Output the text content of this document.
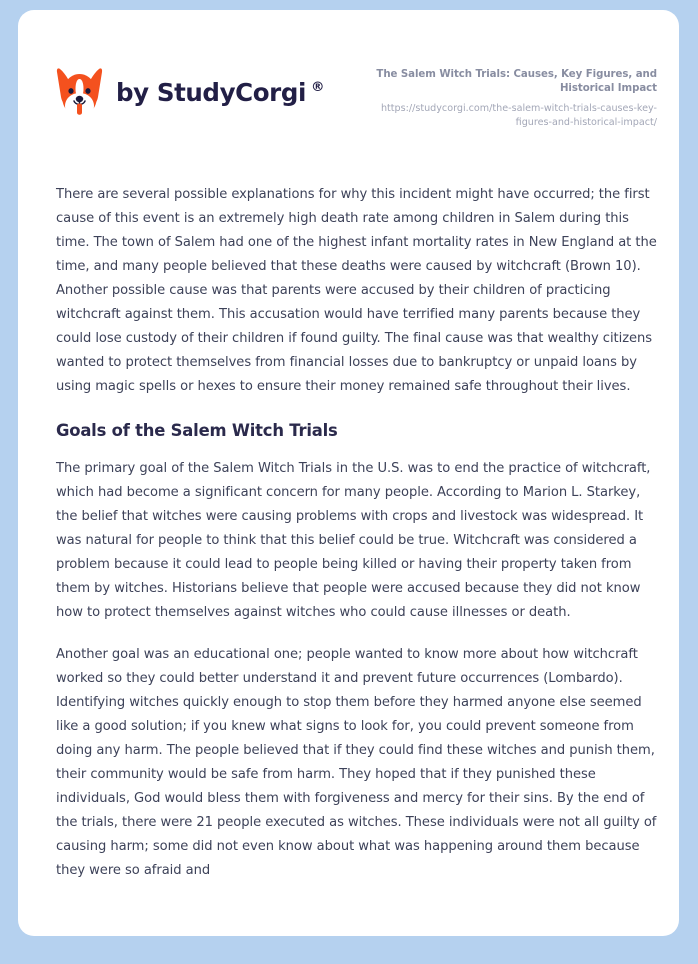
by StudyCorgi ®
The Salem Witch Trials: Causes, Key Figures, and Historical Impact
https://studycorgi.com/the-salem-witch-trials-causes-key-figures-and-historical-impact/

There are several possible explanations for why this incident might have occurred; the first cause of this event is an extremely high death rate among children in Salem during this time. The town of Salem had one of the highest infant mortality rates in New England at the time, and many people believed that these deaths were caused by witchcraft (Brown 10). Another possible cause was that parents were accused by their children of practicing witchcraft against them. This accusation would have terrified many parents because they could lose custody of their children if found guilty. The final cause was that wealthy citizens wanted to protect themselves from financial losses due to bankruptcy or unpaid loans by using magic spells or hexes to ensure their money remained safe throughout their lives.

Goals of the Salem Witch Trials

The primary goal of the Salem Witch Trials in the U.S. was to end the practice of witchcraft, which had become a significant concern for many people. According to Marion L. Starkey, the belief that witches were causing problems with crops and livestock was widespread. It was natural for people to think that this belief could be true. Witchcraft was considered a problem because it could lead to people being killed or having their property taken from them by witches. Historians believe that people were accused because they did not know how to protect themselves against witches who could cause illnesses or death.

Another goal was an educational one; people wanted to know more about how witchcraft worked so they could better understand it and prevent future occurrences (Lombardo). Identifying witches quickly enough to stop them before they harmed anyone else seemed like a good solution; if you knew what signs to look for, you could prevent someone from doing any harm. The people believed that if they could find these witches and punish them, their community would be safe from harm. They hoped that if they punished these individuals, God would bless them with forgiveness and mercy for their sins. By the end of the trials, there were 21 people executed as witches. These individuals were not all guilty of causing harm; some did not even know about what was happening around them because they were so afraid and
